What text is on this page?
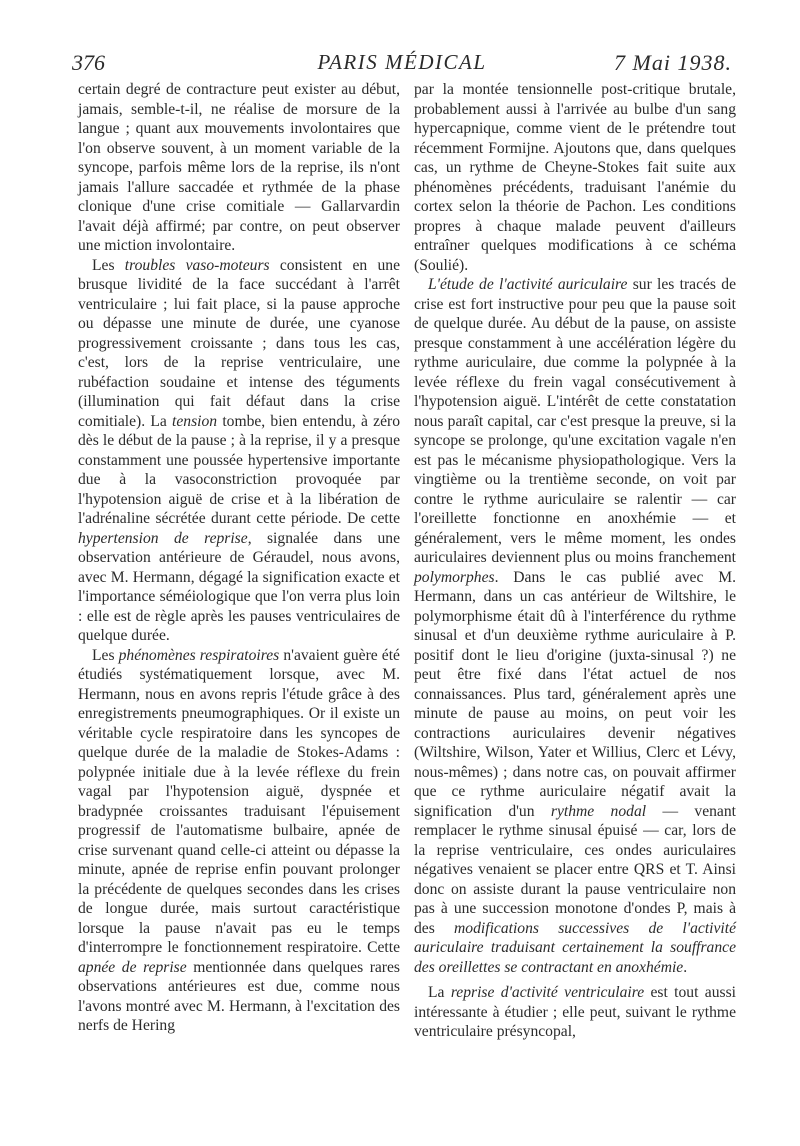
376	PARIS MÉDICAL	7 Mai 1938.

certain degré de contracture peut exister au début, jamais, semble-t-il, ne réalise de morsure de la langue ; quant aux mouvements involontaires que l'on observe souvent, à un moment variable de la syncope, parfois même lors de la reprise, ils n'ont jamais l'allure saccadée et rythmée de la phase clonique d'une crise comitiale — Gallarvardin l'avait déjà affirmé; par contre, on peut observer une miction involontaire.

Les troubles vaso-moteurs consistent en une brusque lividité de la face succédant à l'arrêt ventriculaire ; lui fait place, si la pause approche ou dépasse une minute de durée, une cyanose progressivement croissante ; dans tous les cas, c'est, lors de la reprise ventriculaire, une rubéfaction soudaine et intense des téguments (illumination qui fait défaut dans la crise comitiale). La tension tombe, bien entendu, à zéro dès le début de la pause ; à la reprise, il y a presque constamment une poussée hypertensive importante due à la vasoconstriction provoquée par l'hypotension aiguë de crise et à la libération de l'adrénaline sécrétée durant cette période. De cette hypertension de reprise, signalée dans une observation antérieure de Géraudel, nous avons, avec M. Hermann, dégagé la signification exacte et l'importance séméiologique que l'on verra plus loin : elle est de règle après les pauses ventriculaires de quelque durée.

Les phénomènes respiratoires n'avaient guère été étudiés systématiquement lorsque, avec M. Hermann, nous en avons repris l'étude grâce à des enregistrements pneumographiques. Or il existe un véritable cycle respiratoire dans les syncopes de quelque durée de la maladie de Stokes-Adams : polypnée initiale due à la levée réflexe du frein vagal par l'hypotension aiguë, dyspnée et bradypnée croissantes traduisant l'épuisement progressif de l'automatisme bulbaire, apnée de crise survenant quand celle-ci atteint ou dépasse la minute, apnée de reprise enfin pouvant prolonger la précédente de quelques secondes dans les crises de longue durée, mais surtout caractéristique lorsque la pause n'avait pas eu le temps d'interrompre le fonctionnement respiratoire. Cette apnée de reprise mentionnée dans quelques rares observations antérieures est due, comme nous l'avons montré avec M. Hermann, à l'excitation des nerfs de Hering

par la montée tensionnelle post-critique brutale, probablement aussi à l'arrivée au bulbe d'un sang hypercapnique, comme vient de le prétendre tout récemment Formijne. Ajoutons que, dans quelques cas, un rythme de Cheyne-Stokes fait suite aux phénomènes précédents, traduisant l'anémie du cortex selon la théorie de Pachon. Les conditions propres à chaque malade peuvent d'ailleurs entraîner quelques modifications à ce schéma (Soulié).

L'étude de l'activité auriculaire sur les tracés de crise est fort instructive pour peu que la pause soit de quelque durée. Au début de la pause, on assiste presque constamment à une accélération légère du rythme auriculaire, due comme la polypnée à la levée réflexe du frein vagal consécutivement à l'hypotension aiguë. L'intérêt de cette constatation nous paraît capital, car c'est presque la preuve, si la syncope se prolonge, qu'une excitation vagale n'en est pas le mécanisme physiopathologique. Vers la vingtième ou la trentième seconde, on voit par contre le rythme auriculaire se ralentir — car l'oreillette fonctionne en anoxhémie — et généralement, vers le même moment, les ondes auriculaires deviennent plus ou moins franchement polymorphes. Dans le cas publié avec M. Hermann, dans un cas antérieur de Wiltshire, le polymorphisme était dû à l'interférence du rythme sinusal et d'un deuxième rythme auriculaire à P. positif dont le lieu d'origine (juxta-sinusal ?) ne peut être fixé dans l'état actuel de nos connaissances. Plus tard, généralement après une minute de pause au moins, on peut voir les contractions auriculaires devenir négatives (Wiltshire, Wilson, Yater et Willius, Clerc et Lévy, nous-mêmes) ; dans notre cas, on pouvait affirmer que ce rythme auriculaire négatif avait la signification d'un rythme nodal — venant remplacer le rythme sinusal épuisé — car, lors de la reprise ventriculaire, ces ondes auriculaires négatives venaient se placer entre QRS et T. Ainsi donc on assiste durant la pause ventriculaire non pas à une succession monotone d'ondes P, mais à des modifications successives de l'activité auriculaire traduisant certainement la souffrance des oreillettes se contractant en anoxhémie.

La reprise d'activité ventriculaire est tout aussi intéressante à étudier ; elle peut, suivant le rythme ventriculaire présyncopal,
